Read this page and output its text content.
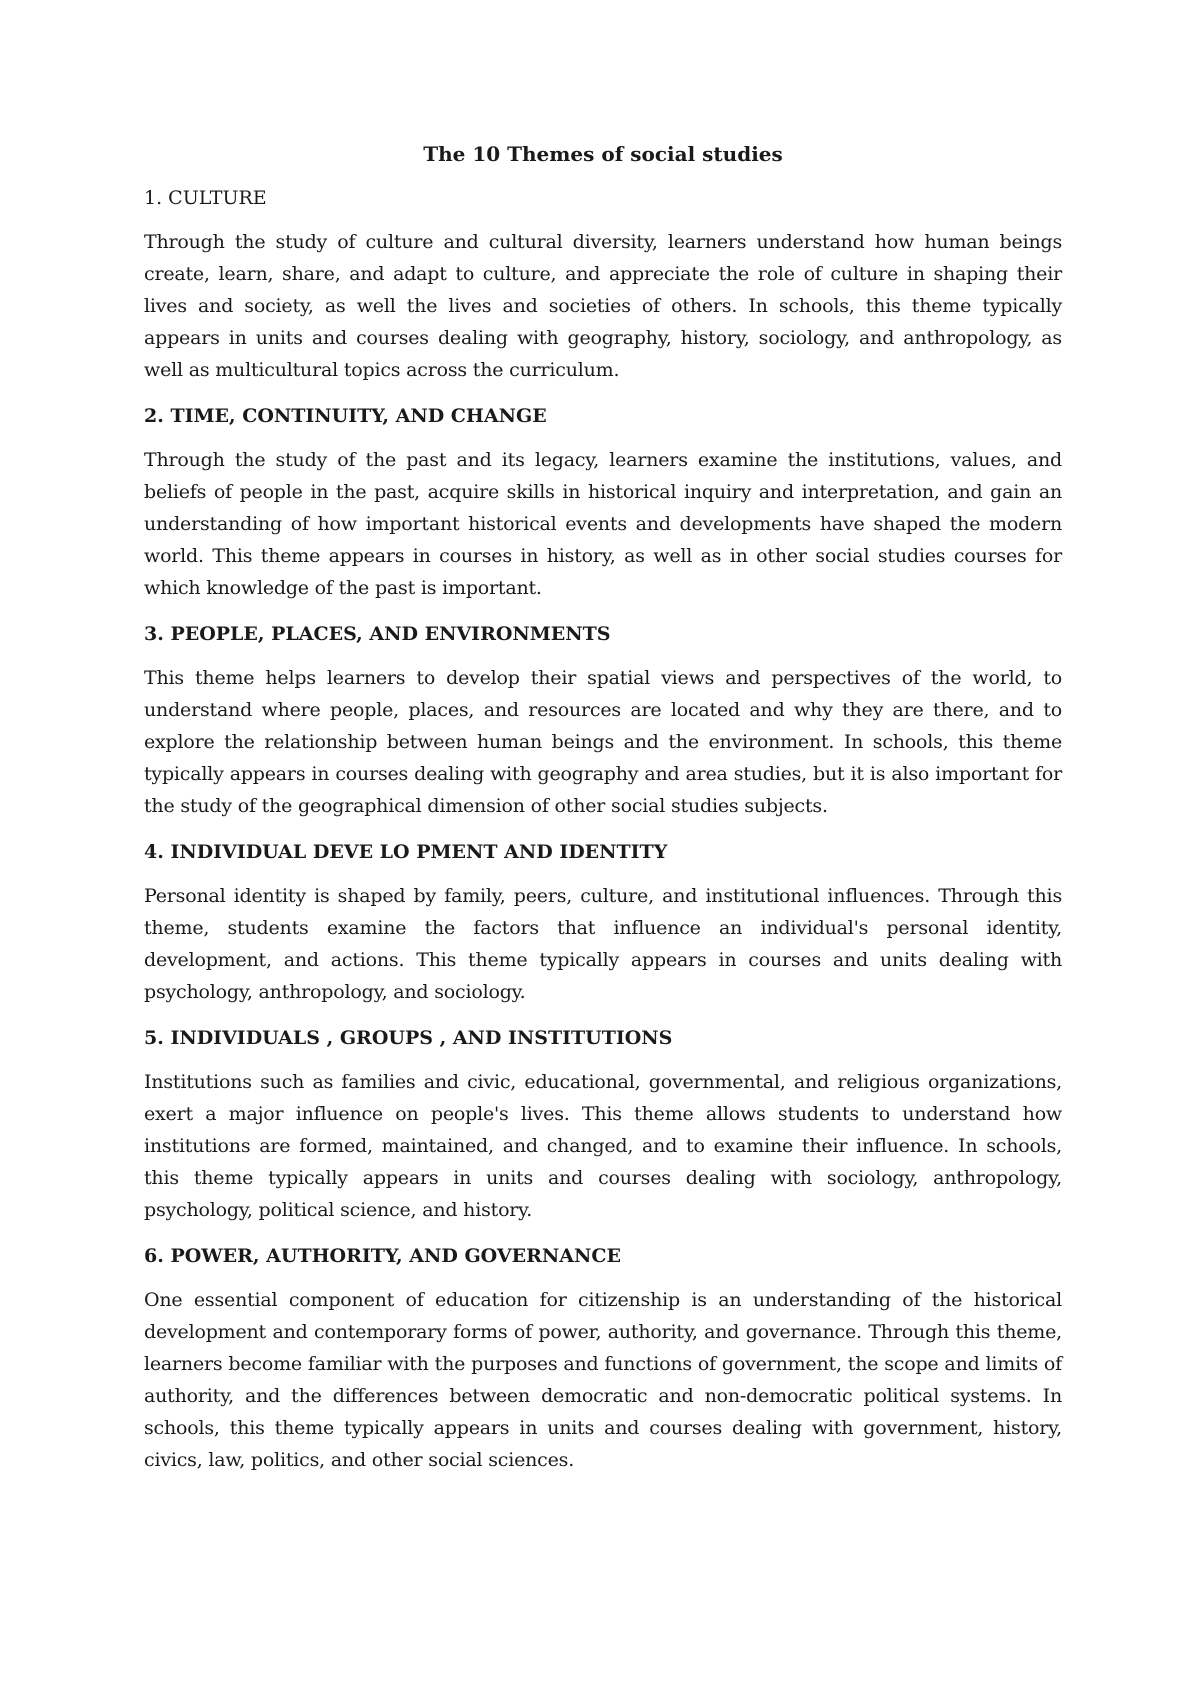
The 10 Themes of social studies
1. CULTURE
Through the study of culture and cultural diversity, learners understand how human beings create, learn, share, and adapt to culture, and appreciate the role of culture in shaping their lives and society, as well the lives and societies of others. In schools, this theme typically appears in units and courses dealing with geography, history, sociology, and anthropology, as well as multicultural topics across the curriculum.
2. TIME, CONTINUITY, AND CHANGE
Through the study of the past and its legacy, learners examine the institutions, values, and beliefs of people in the past, acquire skills in historical inquiry and interpretation, and gain an understanding of how important historical events and developments have shaped the modern world. This theme appears in courses in history, as well as in other social studies courses for which knowledge of the past is important.
3. PEOPLE, PLACES, AND ENVIRONMENTS
This theme helps learners to develop their spatial views and perspectives of the world, to understand where people, places, and resources are located and why they are there, and to explore the relationship between human beings and the environment. In schools, this theme typically appears in courses dealing with geography and area studies, but it is also important for the study of the geographical dimension of other social studies subjects.
4. INDIVIDUAL DEVE LO PMENT AND IDENTITY
Personal identity is shaped by family, peers, culture, and institutional influences. Through this theme, students examine the factors that influence an individual's personal identity, development, and actions. This theme typically appears in courses and units dealing with psychology, anthropology, and sociology.
5. INDIVIDUALS , GROUPS , AND INSTITUTIONS
Institutions such as families and civic, educational, governmental, and religious organizations, exert a major influence on people's lives. This theme allows students to understand how institutions are formed, maintained, and changed, and to examine their influence. In schools, this theme typically appears in units and courses dealing with sociology, anthropology, psychology, political science, and history.
6. POWER, AUTHORITY, AND GOVERNANCE
One essential component of education for citizenship is an understanding of the historical development and contemporary forms of power, authority, and governance. Through this theme, learners become familiar with the purposes and functions of government, the scope and limits of authority, and the differences between democratic and non-democratic political systems. In schools, this theme typically appears in units and courses dealing with government, history, civics, law, politics, and other social sciences.
